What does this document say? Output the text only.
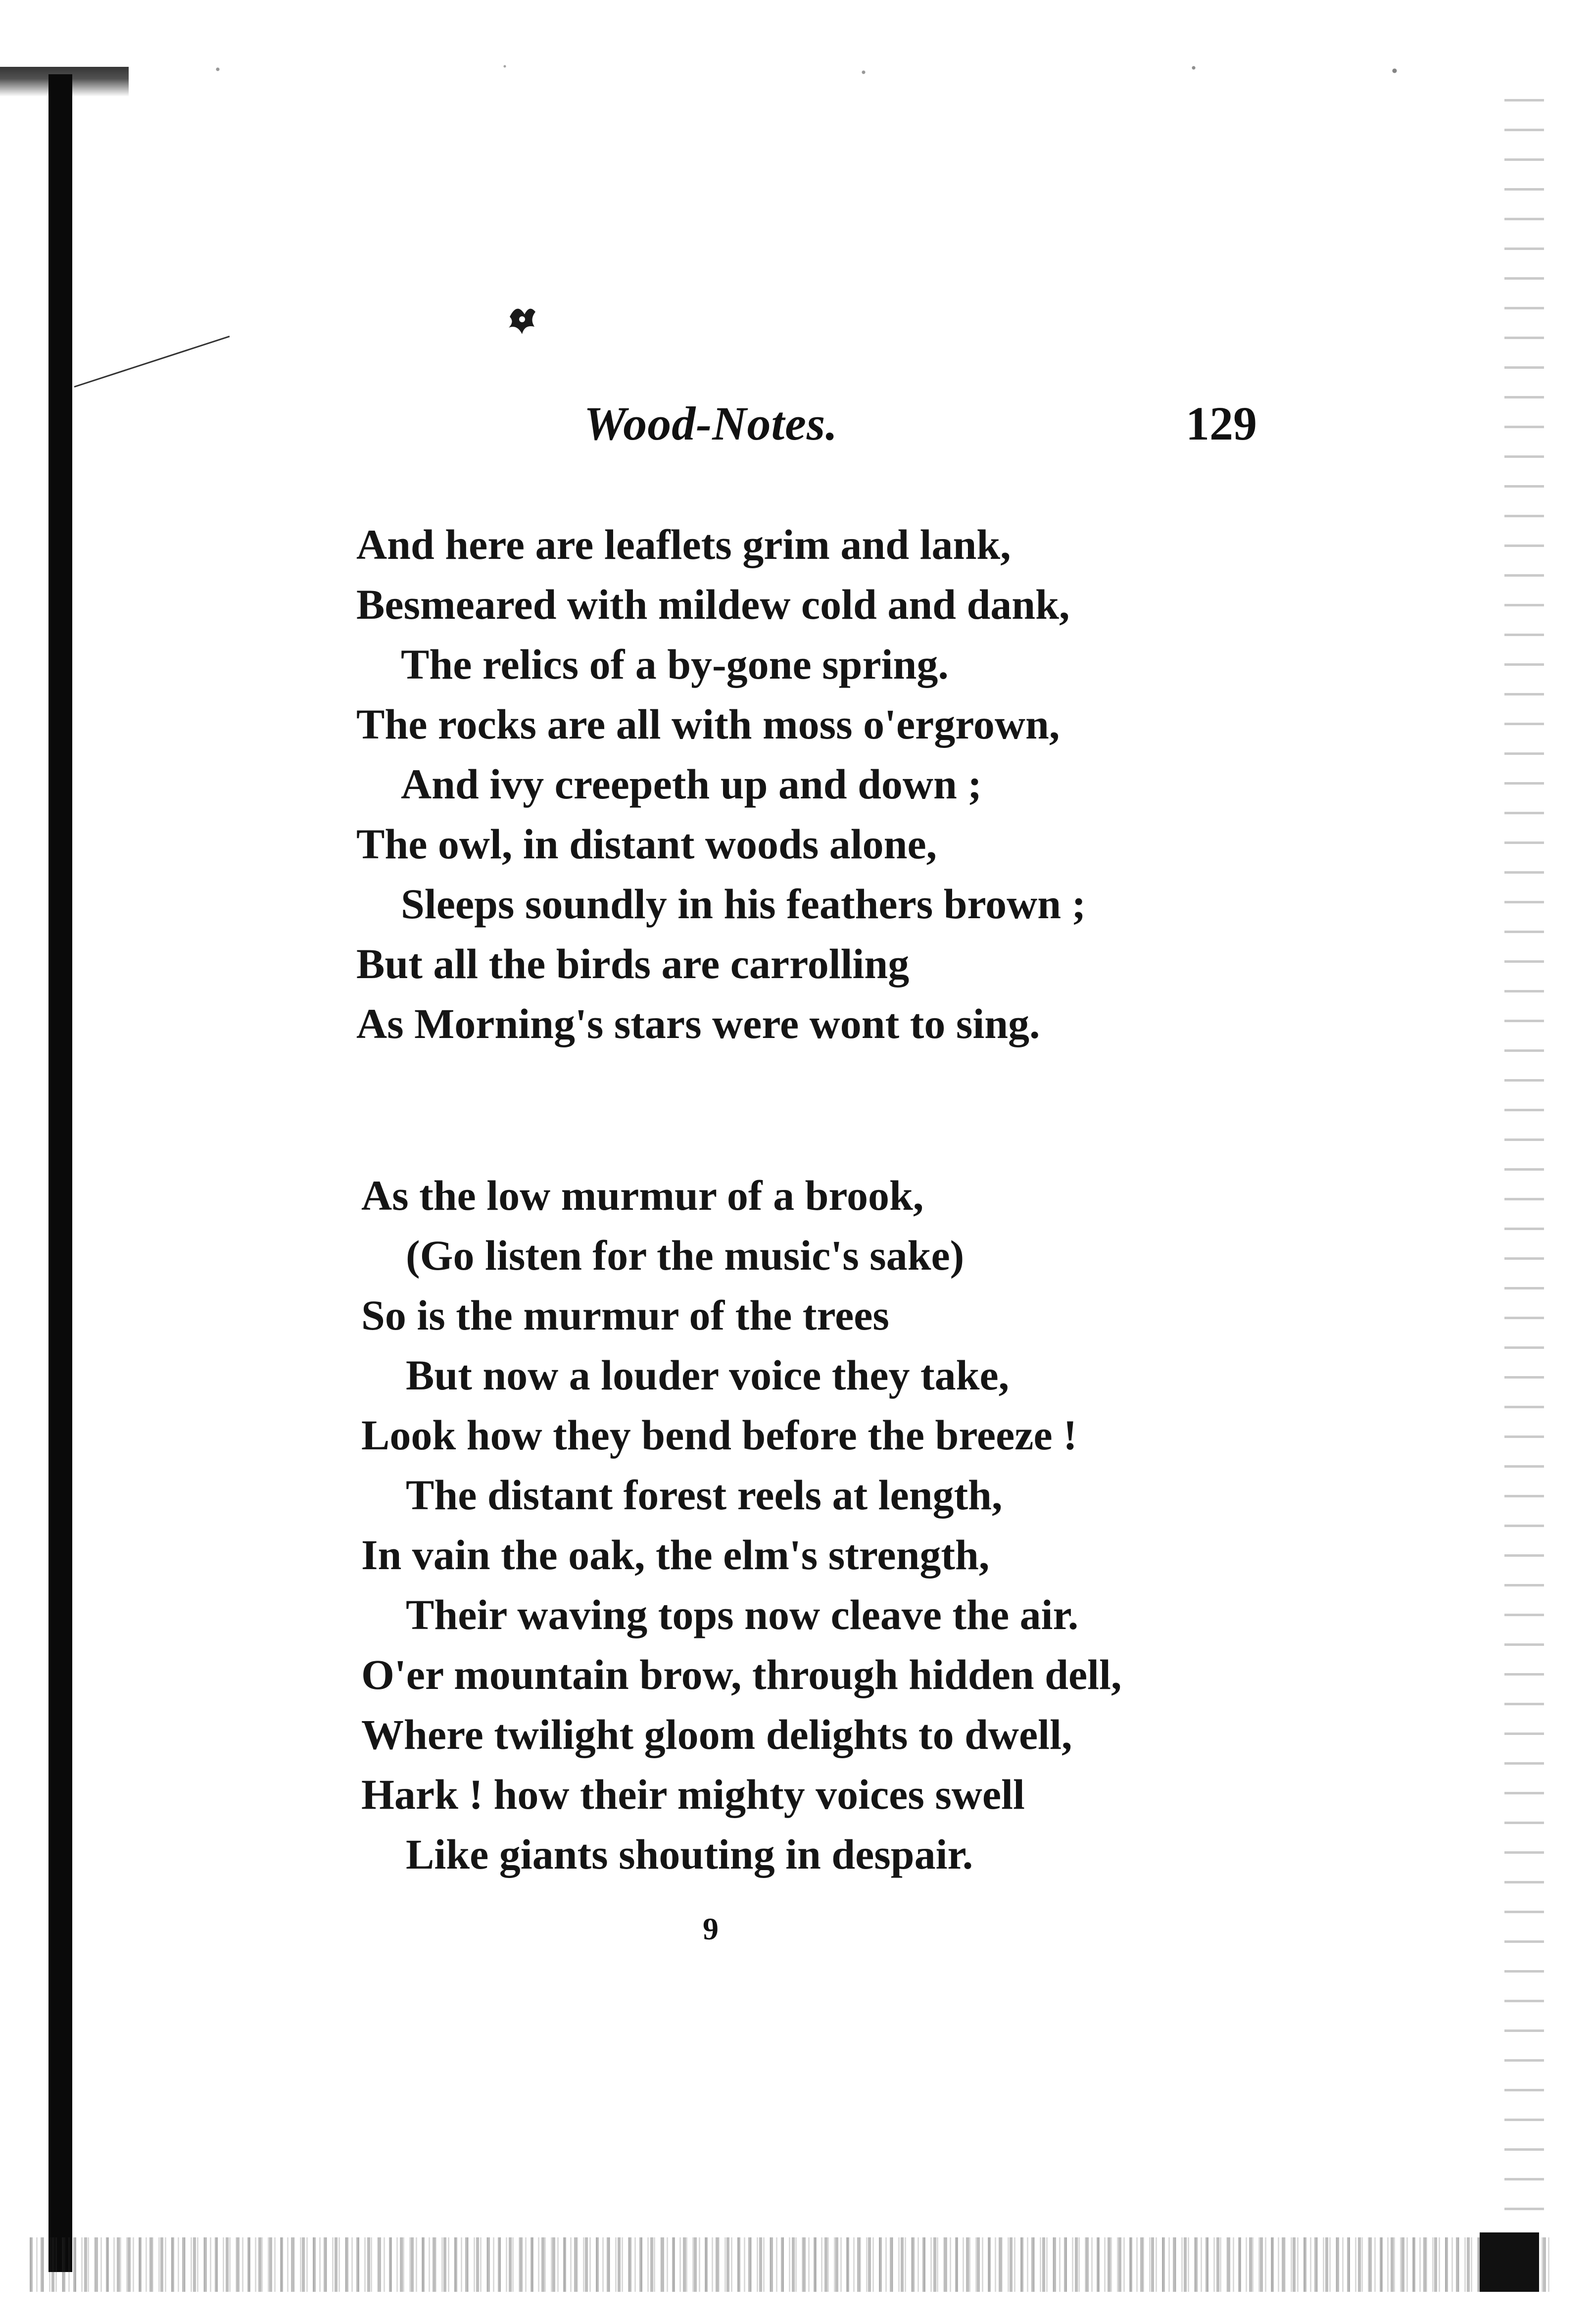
Wood-Notes.	129
And here are leaflets grim and lank,
Besmeared with mildew cold and dank,
The relics of a by-gone spring.
The rocks are all with moss o'ergrown,
And ivy creepeth up and down ;
The owl, in distant woods alone,
Sleeps soundly in his feathers brown ;
But all the birds are carrolling
As Morning's stars were wont to sing.
As the low murmur of a brook,
(Go listen for the music's sake)
So is the murmur of the trees
But now a louder voice they take,
Look how they bend before the breeze !
The distant forest reels at length,
In vain the oak, the elm's strength,
Their waving tops now cleave the air.
O'er mountain brow, through hidden dell,
Where twilight gloom delights to dwell,
Hark ! how their mighty voices swell
Like giants shouting in despair.
9
